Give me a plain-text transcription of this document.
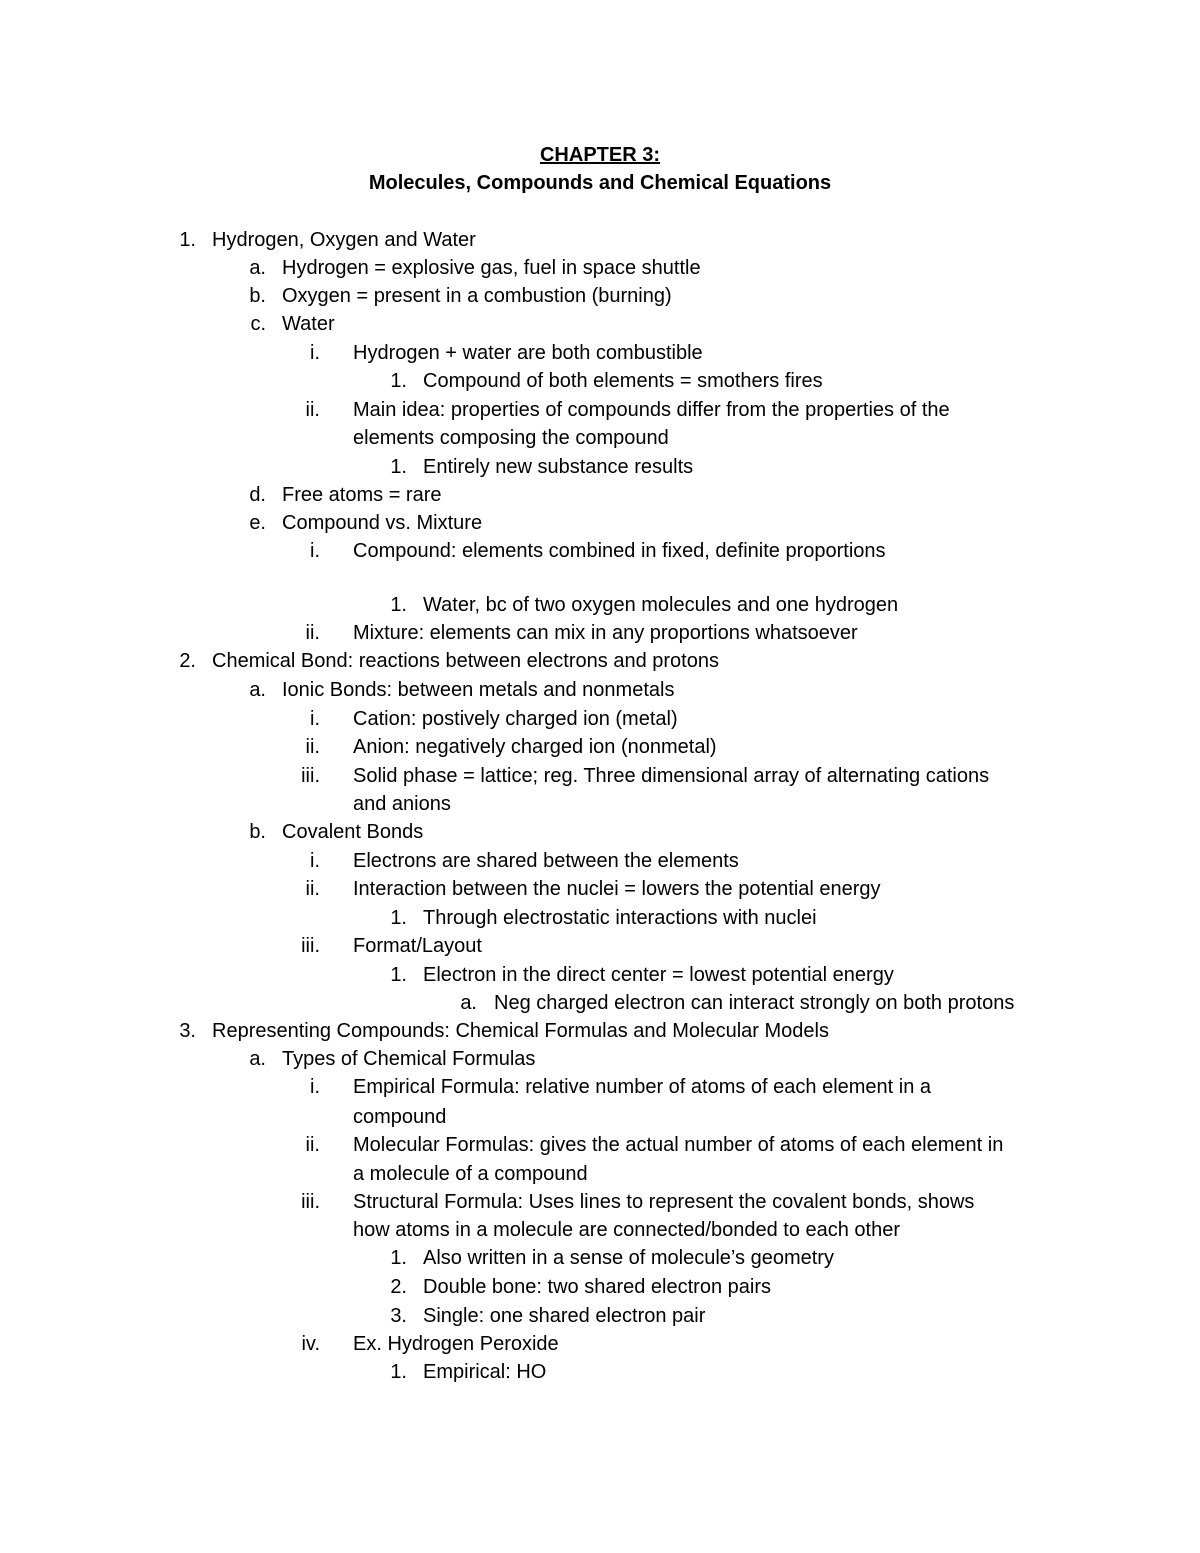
CHAPTER 3:
Molecules, Compounds and Chemical Equations
1. Hydrogen, Oxygen and Water
a. Hydrogen = explosive gas, fuel in space shuttle
b. Oxygen = present in a combustion (burning)
c. Water
i. Hydrogen + water are both combustible
1. Compound of both elements = smothers fires
ii. Main idea: properties of compounds differ from the properties of the
elements composing the compound
1. Entirely new substance results
d. Free atoms = rare
e. Compound vs. Mixture
i. Compound: elements combined in fixed, definite proportions
1. Water, bc of two oxygen molecules and one hydrogen
ii. Mixture: elements can mix in any proportions whatsoever
2. Chemical Bond: reactions between electrons and protons
a. Ionic Bonds: between metals and nonmetals
i. Cation: postively charged ion (metal)
ii. Anion: negatively charged ion (nonmetal)
iii. Solid phase = lattice; reg. Three dimensional array of alternating cations
and anions
b. Covalent Bonds
i. Electrons are shared between the elements
ii. Interaction between the nuclei = lowers the potential energy
1. Through electrostatic interactions with nuclei
iii. Format/Layout
1. Electron in the direct center = lowest potential energy
a. Neg charged electron can interact strongly on both protons
3. Representing Compounds: Chemical Formulas and Molecular Models
a. Types of Chemical Formulas
i. Empirical Formula: relative number of atoms of each element in a
compound
ii. Molecular Formulas: gives the actual number of atoms of each element in
a molecule of a compound
iii. Structural Formula: Uses lines to represent the covalent bonds, shows
how atoms in a molecule are connected/bonded to each other
1. Also written in a sense of molecule’s geometry
2. Double bone: two shared electron pairs
3. Single: one shared electron pair
iv. Ex. Hydrogen Peroxide
1. Empirical: HO
